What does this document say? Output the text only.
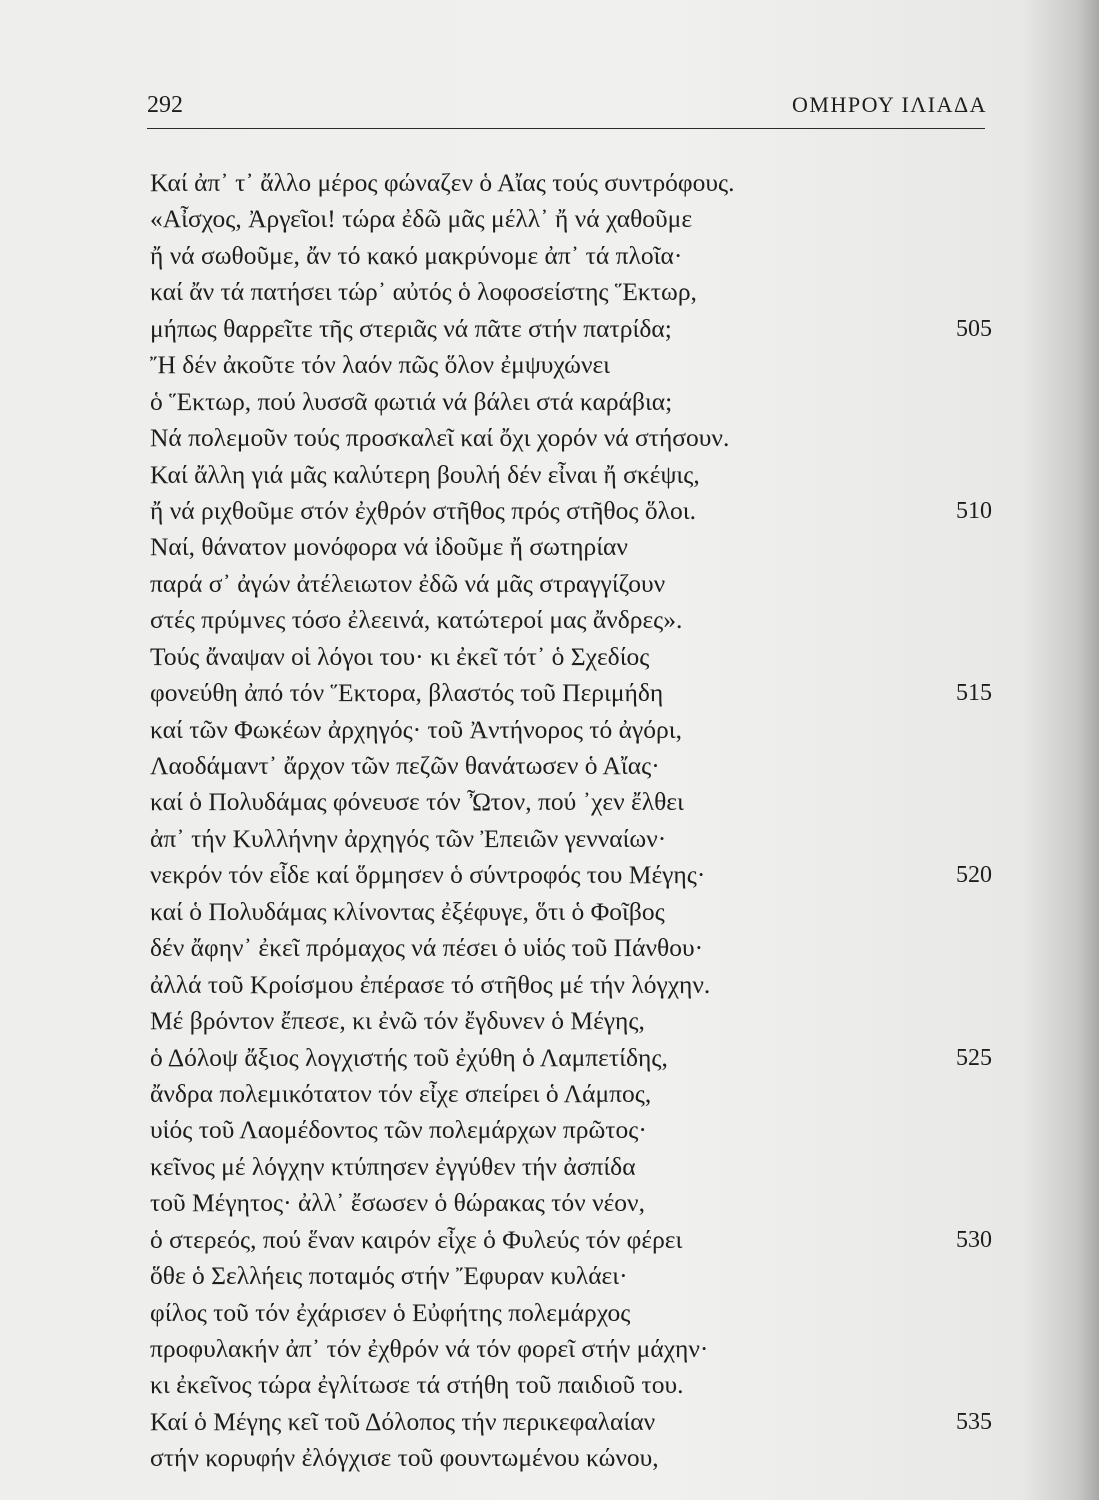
292	ΟΜΗΡΟΥ ΙΛΙΑΔΑ
Καί ἀπ᾽ τ᾽ ἄλλο μέρος φώναζεν ὁ Αἴας τούς συντρόφους.
«Αἶσχος, Ἀργεῖοι! τώρα ἐδῶ μᾶς μέλλ᾽ ἤ νά χαθοῦμε
ἤ νά σωθοῦμε, ἄν τό κακό μακρύνομε ἀπ᾽ τά πλοῖα·
καί ἄν τά πατήσει τώρ᾽ αὐτός ὁ λοφοσείστης Ἕκτωρ,
μήπως θαρρεῖτε τῆς στεριᾶς νά πᾶτε στήν πατρίδα;	505
Ἤ δέν ἀκοῦτε τόν λαόν πῶς ὅλον ἐμψυχώνει
ὁ Ἕκτωρ, πού λυσσᾶ φωτιά νά βάλει στά καράβια;
Νά πολεμοῦν τούς προσκαλεῖ καί ὄχι χορόν νά στήσουν.
Καί ἄλλη γιά μᾶς καλύτερη βουλή δέν εἶναι ἤ σκέψις,
ἤ νά ριχθοῦμε στόν ἐχθρόν στῆθος πρός στῆθος ὅλοι.	510
Ναί, θάνατον μονόφορα νά ἰδοῦμε ἤ σωτηρίαν
παρά σ᾽ ἀγών ἀτέλειωτον ἐδῶ νά μᾶς στραγγίζουν
στές πρύμνες τόσο ἐλεεινά, κατώτεροί μας ἄνδρες».
Τούς ἄναψαν οἱ λόγοι του· κι ἐκεῖ τότ᾽ ὁ Σχεδίος
φονεύθη ἀπό τόν Ἕκτορα, βλαστός τοῦ Περιμήδη	515
καί τῶν Φωκέων ἀρχηγός· τοῦ Ἀντήνορος τό ἀγόρι,
Λαοδάμαντ᾽ ἄρχον τῶν πεζῶν θανάτωσεν ὁ Αἴας·
καί ὁ Πολυδάμας φόνευσε τόν Ὦτον, πού ᾽χεν ἔλθει
ἀπ᾽ τήν Κυλλήνην ἀρχηγός τῶν Ἐπειῶν γενναίων·
νεκρόν τόν εἶδε καί ὅρμησεν ὁ σύντροφός του Μέγης·	520
καί ὁ Πολυδάμας κλίνοντας ἐξέφυγε, ὅτι ὁ Φοῖβος
δέν ἄφην᾽ ἐκεῖ πρόμαχος νά πέσει ὁ υἱός τοῦ Πάνθου·
ἀλλά τοῦ Κροίσμου ἐπέρασε τό στῆθος μέ τήν λόγχην.
Μέ βρόντον ἔπεσε, κι ἐνῶ τόν ἔγδυνεν ὁ Μέγης,
ὁ Δόλοψ ἄξιος λογχιστής τοῦ ἐχύθη ὁ Λαμπετίδης,	525
ἄνδρα πολεμικότατον τόν εἶχε σπείρει ὁ Λάμπος,
υἱός τοῦ Λαομέδοντος τῶν πολεμάρχων πρῶτος·
κεῖνος μέ λόγχην κτύπησεν ἐγγύθεν τήν ἀσπίδα
τοῦ Μέγητος· ἀλλ᾽ ἔσωσεν ὁ θώρακας τόν νέον,
ὁ στερεός, πού ἕναν καιρόν εἶχε ὁ Φυλεύς τόν φέρει	530
ὅθε ὁ Σελλήεις ποταμός στήν Ἔφυραν κυλάει·
φίλος τοῦ τόν ἐχάρισεν ὁ Εὐφήτης πολεμάρχος
προφυλακήν ἀπ᾽ τόν ἐχθρόν νά τόν φορεῖ στήν μάχην·
κι ἐκεῖνος τώρα ἐγλίτωσε τά στήθη τοῦ παιδιοῦ του.
Καί ὁ Μέγης κεῖ τοῦ Δόλοπος τήν περικεφαλαίαν	535
στήν κορυφήν ἐλόγχισε τοῦ φουντωμένου κώνου,
